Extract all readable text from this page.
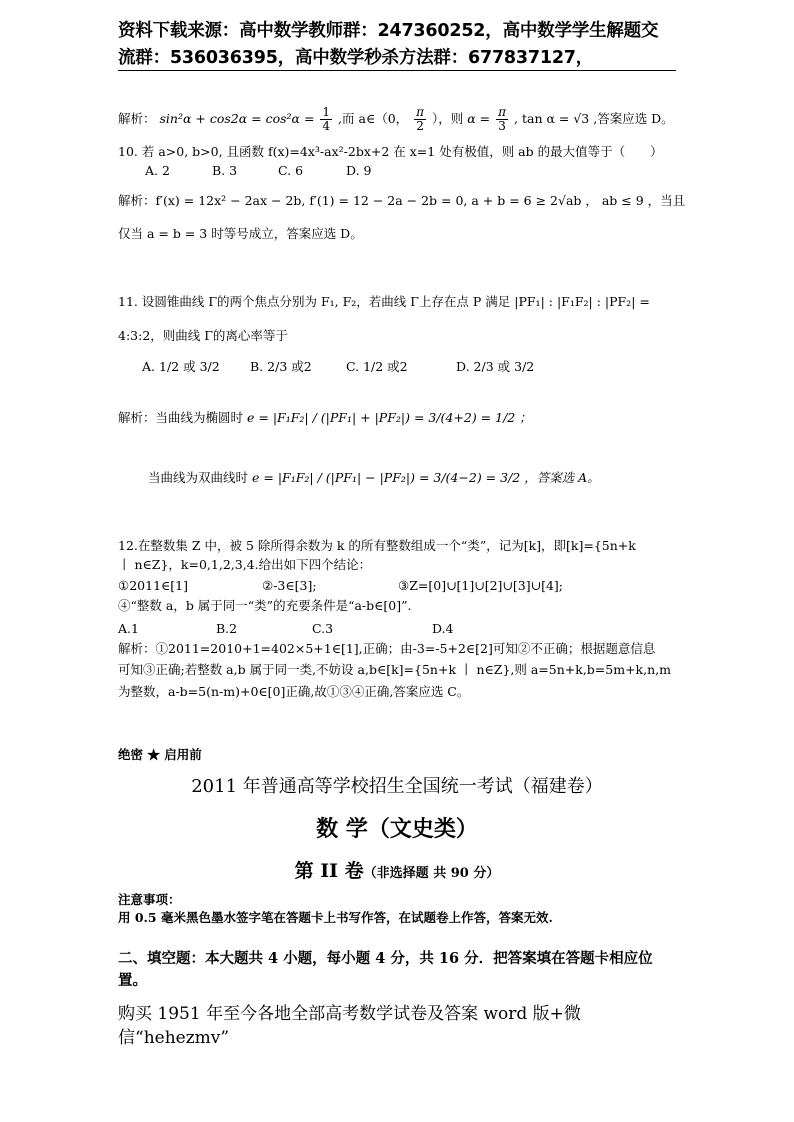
资料下载来源：高中数学教师群：247360252，高中数学学生解题交
流群：536036395，高中数学秒杀方法群：677837127，
解析： $\sin^2\alpha + \cos 2\alpha = \cos^2\alpha = \frac{1}{4}$ ,而 a∈（0， $\frac{\pi}{2}$ ），则 $\alpha = \frac{\pi}{3}$ , tan α = √3 ,答案应选 D。
10. 若 a>0, b>0, 且函数 f(x)=4x³-ax²-2bx+2 在 x=1 处有极值，则 ab 的最大值等于（　　）
A. 2	B. 3	C. 6	D. 9
解析：f′(x) = 12x² − 2ax − 2b, f′(1) = 12 − 2a − 2b = 0, a + b = 6 ≥ 2√ab ， ab ≤ 9 ，当且
仅当 a = b = 3 时等号成立，答案应选 D。
11. 设圆锥曲线 Γ的两个焦点分别为 F₁, F₂，若曲线 Γ上存在点 P 满足 |PF₁| : |F₁F₂| : |PF₂| =
4:3:2，则曲线 Γ的离心率等于
A. 1/2 或 3/2 B. 2/3 或2	C. 1/2 或2	D. 2/3 或 3/2
解析：当曲线为椭圆时 e = |F₁F₂| / (|PF₁| + |PF₂|) = 3/(4+2) = 1/2 ；
当曲线为双曲线时 e = |F₁F₂| / (|PF₁| − |PF₂|) = 3/(4−2) = 3/2 ，答案选 A。
12.在整数集 Z 中，被 5 除所得余数为 k 的所有整数组成一个“类”，记为[k]，即[k]={5n+k
丨 n∈Z}，k=0,1,2,3,4.给出如下四个结论：
①2011∈[1]	②-3∈[3];	③Z=[0]∪[1]∪[2]∪[3]∪[4];
④“整数 a，b 属于同一“类”的充要条件是“a-b∈[0]”.
A.1	B.2	C.3	D.4
解析：①2011=2010+1=402×5+1∈[1],正确；由-3=-5+2∈[2]可知②不正确；根据题意信息
可知③正确;若整数 a,b 属于同一类,不妨设 a,b∈[k]={5n+k 丨 n∈Z},则 a=5n+k,b=5m+k,n,m
为整数，a-b=5(n-m)+0∈[0]正确,故①③④正确,答案应选 C。
绝密 ★ 启用前
2011 年普通高等学校招生全国统一考试（福建卷）
数 学（文史类）
第 II 卷（非选择题 共 90 分）
注意事项：
用 0.5 毫米黑色墨水签字笔在答题卡上书写作答，在试题卷上作答，答案无效.
二、填空题：本大题共 4 小题，每小题 4 分，共 16 分．把答案填在答题卡相应位置。
购买 1951 年至今各地全部高考数学试卷及答案 word 版+微信“hehezmv”
